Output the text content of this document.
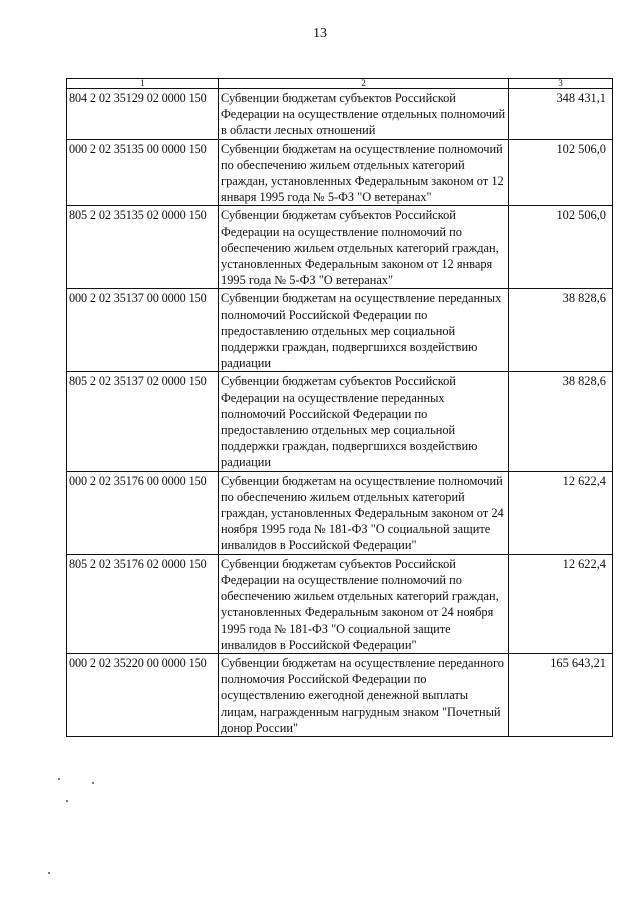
13
1	2	3
804 2 02 35129 02 0000 150	Субвенции бюджетам субъектов Российской Федерации на осуществление отдельных полномочий в области лесных отношений	348 431,1
000 2 02 35135 00 0000 150	Субвенции бюджетам на осуществление полномочий по обеспечению жильем отдельных категорий граждан, установленных Федеральным законом от 12 января 1995 года № 5-ФЗ "О ветеранах"	102 506,0
805 2 02 35135 02 0000 150	Субвенции бюджетам субъектов Российской Федерации на осуществление полномочий по обеспечению жильем отдельных категорий граждан, установленных Федеральным законом от 12 января 1995 года № 5-ФЗ "О ветеранах"	102 506,0
000 2 02 35137 00 0000 150	Субвенции бюджетам на осуществление переданных полномочий Российской Федерации по предоставлению отдельных мер социальной поддержки граждан, подвергшихся воздействию радиации	38 828,6
805 2 02 35137 02 0000 150	Субвенции бюджетам субъектов Российской Федерации на осуществление переданных полномочий Российской Федерации по предоставлению отдельных мер социальной поддержки граждан, подвергшихся воздействию радиации	38 828,6
000 2 02 35176 00 0000 150	Субвенции бюджетам на осуществление полномочий по обеспечению жильем отдельных категорий граждан, установленных Федеральным законом от 24 ноября 1995 года № 181-ФЗ "О социальной защите инвалидов в Российской Федерации"	12 622,4
805 2 02 35176 02 0000 150	Субвенции бюджетам субъектов Российской Федерации на осуществление полномочий по обеспечению жильем отдельных категорий граждан, установленных Федеральным законом от 24 ноября 1995 года № 181-ФЗ "О социальной защите инвалидов в Российской Федерации"	12 622,4
000 2 02 35220 00 0000 150	Субвенции бюджетам на осуществление переданного полномочия Российской Федерации по осуществлению ежегодной денежной выплаты лицам, награжденным нагрудным знаком "Почетный донор России"	165 643,21
